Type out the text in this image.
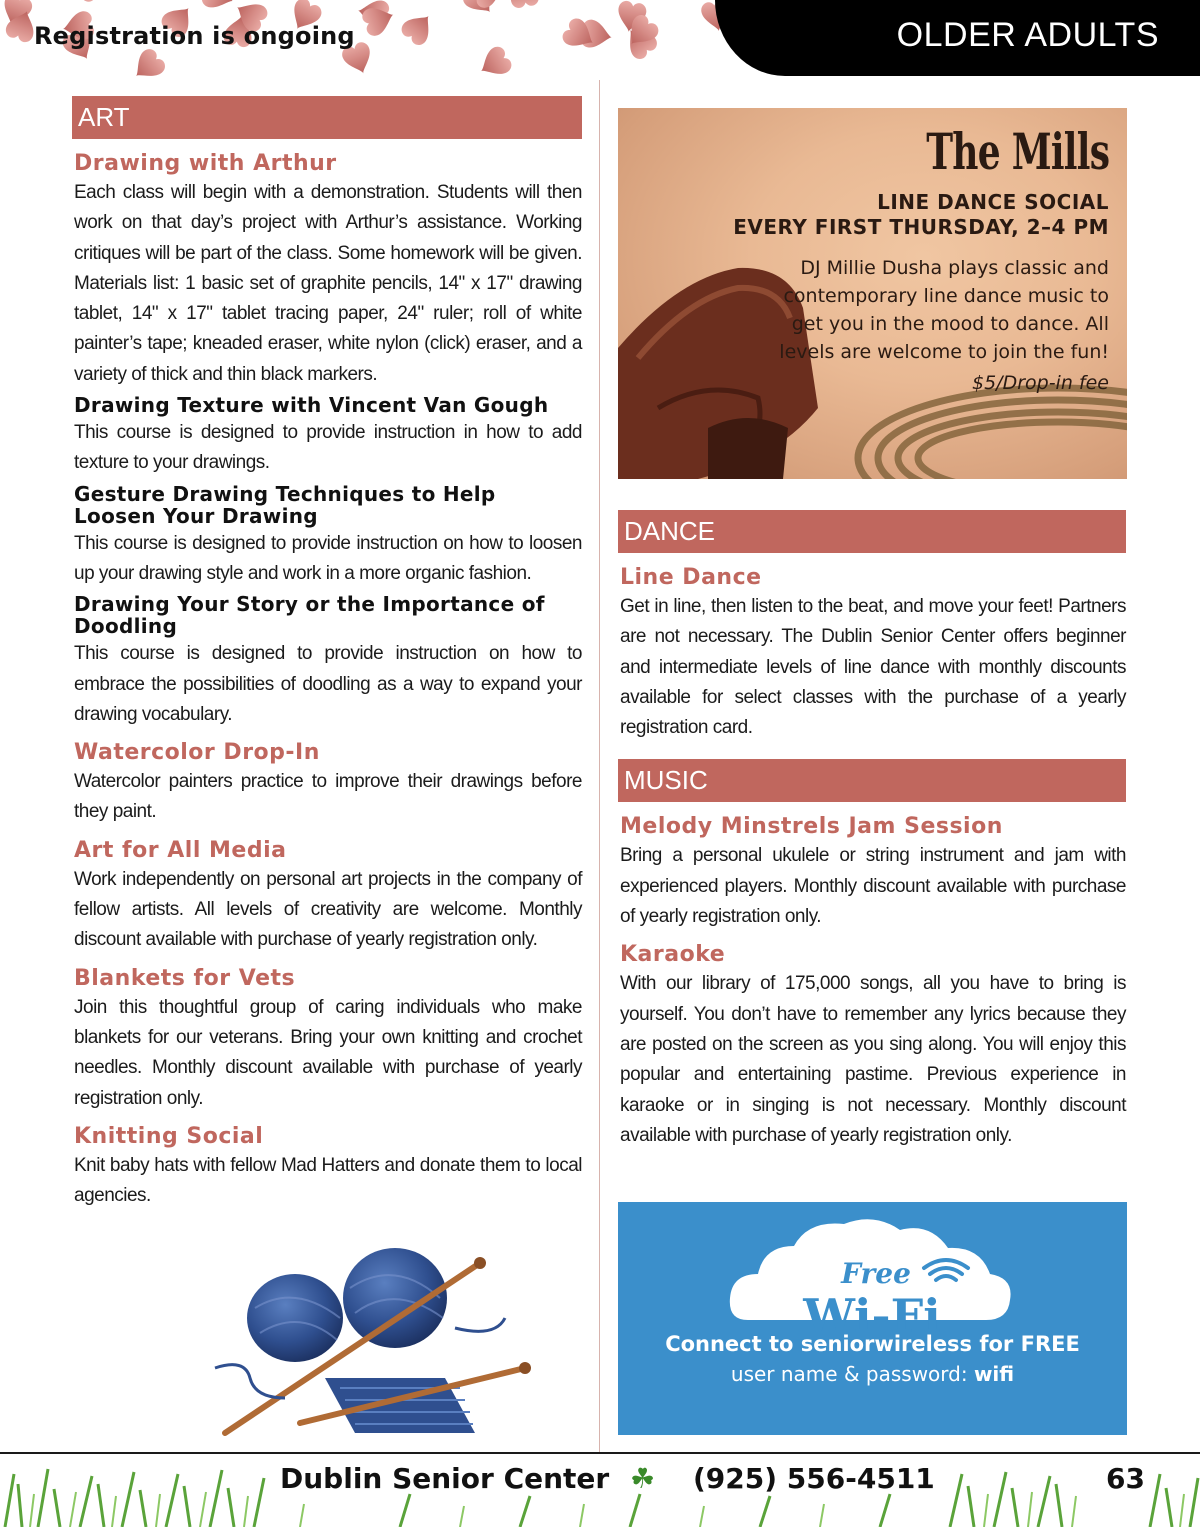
Registration is ongoing	OLDER ADULTS
ART
Drawing with Arthur
Each class will begin with a demonstration. Students will then work on that day’s project with Arthur’s assistance. Working critiques will be part of the class. Some homework will be given. Materials list: 1 basic set of graphite pencils, 14" x 17" drawing tablet, 14" x 17" tablet tracing paper, 24" ruler; roll of white painter’s tape; kneaded eraser, white nylon (click) eraser, and a variety of thick and thin black markers.
Drawing Texture with Vincent Van Gough
This course is designed to provide instruction in how to add texture to your drawings.
Gesture Drawing Techniques to Help Loosen Your Drawing
This course is designed to provide instruction on how to loosen up your drawing style and work in a more organic fashion.
Drawing Your Story or the Importance of Doodling
This course is designed to provide instruction on how to embrace the possibilities of doodling as a way to expand your drawing vocabulary.
Watercolor Drop-In
Watercolor painters practice to improve their drawings before they paint.
Art for All Media
Work independently on personal art projects in the company of fellow artists. All levels of creativity are welcome. Monthly discount available with purchase of yearly registration only.
Blankets for Vets
Join this thoughtful group of caring individuals who make blankets for our veterans. Bring your own knitting and crochet needles. Monthly discount available with purchase of yearly registration only.
Knitting Social
Knit baby hats with fellow Mad Hatters and donate them to local agencies.
The Mills
LINE DANCE SOCIAL
EVERY FIRST THURSDAY, 2–4 PM
DJ Millie Dusha plays classic and contemporary line dance music to get you in the mood to dance. All levels are welcome to join the fun!
$5/Drop-in fee
DANCE
Line Dance
Get in line, then listen to the beat, and move your feet! Partners are not necessary. The Dublin Senior Center offers beginner and intermediate levels of line dance with monthly discounts available for select classes with the purchase of a yearly registration card.
MUSIC
Melody Minstrels Jam Session
Bring a personal ukulele or string instrument and jam with experienced players. Monthly discount available with purchase of yearly registration only.
Karaoke
With our library of 175,000 songs, all you have to bring is yourself. You don’t have to remember any lyrics because they are posted on the screen as you sing along. You will enjoy this popular and entertaining pastime. Previous experience in karaoke or in singing is not necessary. Monthly discount available with purchase of yearly registration only.
Free
Wi-Fi
Connect to seniorwireless for FREE
user name & password: wifi
Dublin Senior Center ☘ (925) 556-4511	63
